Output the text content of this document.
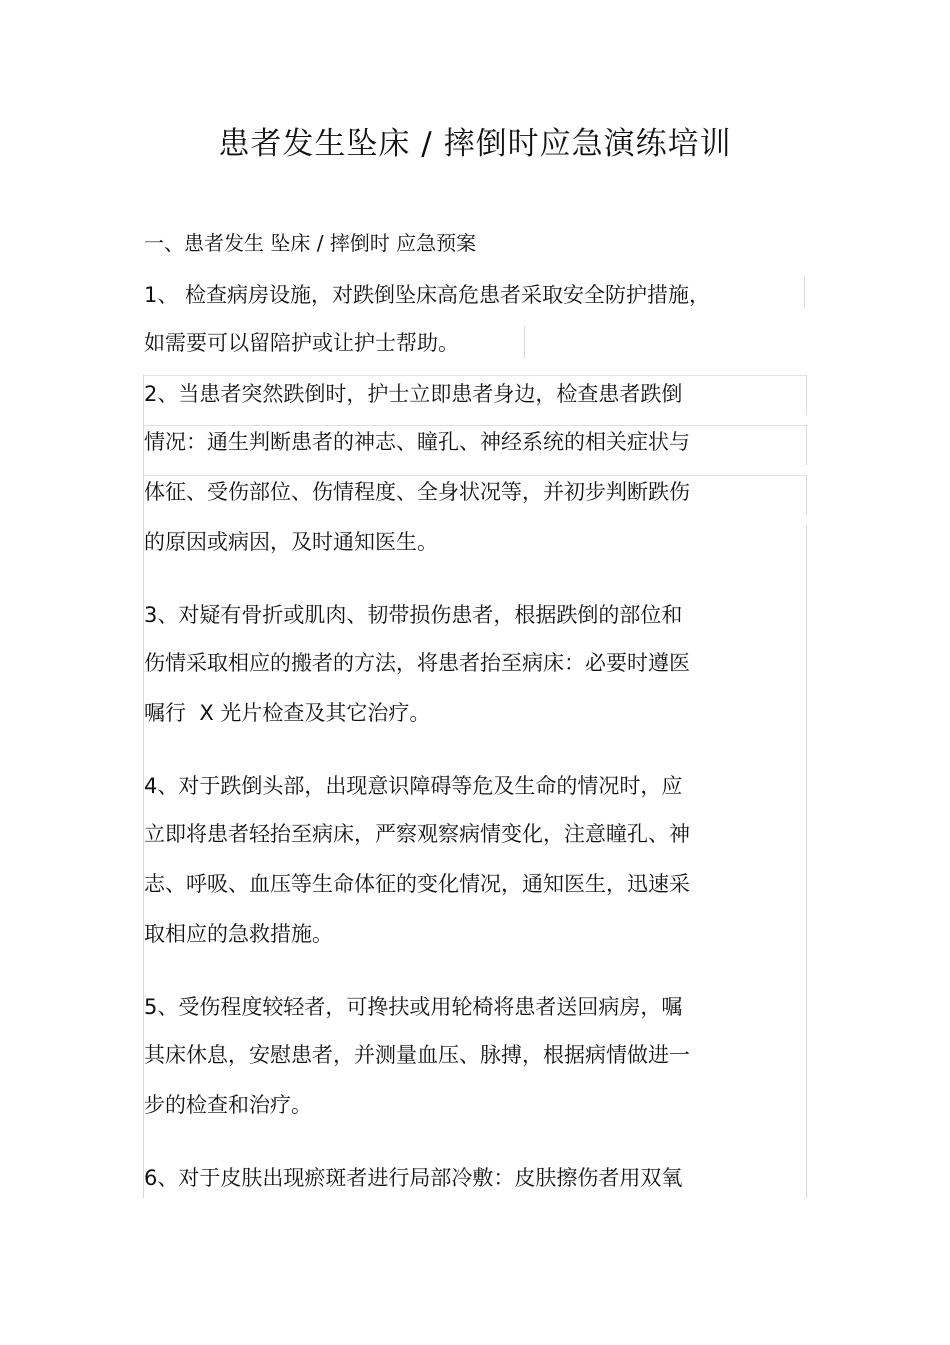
患者发生坠床 / 摔倒时应急演练培训
一、患者发生 坠床 / 摔倒时 应急预案
1、 检查病房设施，对跌倒坠床高危患者采取安全防护措施，
如需要可以留陪护或让护士帮助。
2、当患者突然跌倒时，护士立即患者身边，检查患者跌倒
情况：通生判断患者的神志、瞳孔、神经系统的相关症状与
体征、受伤部位、伤情程度、全身状况等，并初步判断跌伤
的原因或病因，及时通知医生。
3、对疑有骨折或肌肉、韧带损伤患者，根据跌倒的部位和
伤情采取相应的搬者的方法，将患者抬至病床：必要时遵医
嘱行  X 光片检查及其它治疗。
4、对于跌倒头部，出现意识障碍等危及生命的情况时，应
立即将患者轻抬至病床，严察观察病情变化，注意瞳孔、神
志、呼吸、血压等生命体征的变化情况，通知医生，迅速采
取相应的急救措施。
5、受伤程度较轻者，可搀扶或用轮椅将患者送回病房，嘱
其床休息，安慰患者，并测量血压、脉搏，根据病情做进一
步的检查和治疗。
6、对于皮肤出现瘀斑者进行局部冷敷：皮肤擦伤者用双氧
